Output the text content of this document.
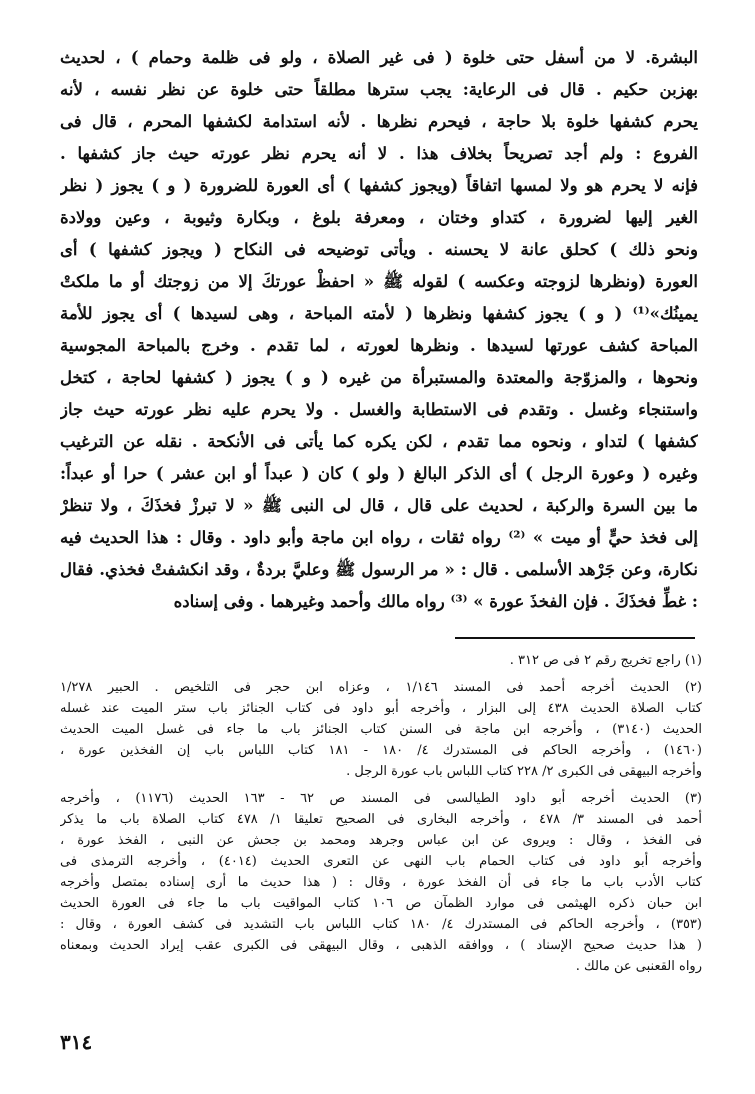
البشرة. لا من أسفل حتى خلوة ( فى غير الصلاة ، ولو فى ظلمة وحمام ) ، لحديث
بهزبن حكيم . قال فى الرعاية: يجب سترها مطلقاً حتى خلوة عن نظر نفسه ، لأنه
يحرم كشفها خلوة بلا حاجة ، فيحرم نظرها . لأنه استدامة لكشفها المحرم ، قال فى
الفروع : ولم أجد تصريحاً بخلاف هذا . لا أنه يحرم نظر عورته حيث جاز كشفها .
فإنه لا يحرم هو ولا لمسها اتفاقاً (ويجوز كشفها ) أى العورة للضرورة ( و ) يجوز ( نظر
الغير إليها لضرورة ، كتداو وختان ، ومعرفة بلوغ ، وبكارة وثيوبة ، وعين وولادة
ونحو ذلك ) كحلق عانة لا يحسنه . ويأتى توضيحه فى النكاح ( ويجوز كشفها ) أى
العورة (ونظرها لزوجته وعكسه ) لقوله ﷺ « احفظْ عورتكَ إلا من زوجتك أو ما ملكتْ
يمينُك»⁽¹⁾ ( و ) يجوز كشفها ونظرها ( لأمته المباحة ، وهى لسيدها ) أى يجوز للأمة
المباحة كشف عورتها لسيدها . ونظرها لعورته ، لما تقدم . وخرج بالمباحة المجوسية
ونحوها ، والمزوّجة والمعتدة والمستبرأة من غيره ( و ) يجوز ( كشفها لحاجة ، كتخل
واستنجاء وغسل . وتقدم فى الاستطابة والغسل . ولا يحرم عليه نظر عورته حيث جاز
كشفها ) لتداو ، ونحوه مما تقدم ، لكن يكره كما يأتى فى الأنكحة . نقله عن الترغيب
وغيره ( وعورة الرجل ) أى الذكر البالغ ( ولو ) كان ( عبداً أو ابن عشر ) حرا أو عبداً:
ما بين السرة والركبة ، لحديث على قال ، قال لى النبى ﷺ « لا تبرزْ فخذَكَ ، ولا تنظرْ
إلى فخذ حيٍّ أو ميت » ⁽²⁾ رواه ثقات ، رواه ابن ماجة وأبو داود . وقال : هذا الحديث فيه
نكارة، وعن جَرْهد الأسلمى . قال : « مر الرسول ﷺ وعليَّ بردةٌ ، وقد انكشفتْ فخذي. فقال
: غطِّ فخذَكَ . فإن الفخذَ عورة » ⁽³⁾ رواه مالك وأحمد وغيرهما . وفى إسناده
(١) راجع تخريج رقم ٢ فى ص ٣١٢ .
(٢) الحديث أخرجه أحمد فى المسند ١/١٤٦ ، وعزاه ابن حجر فى التلخيص . الحبير ١/٢٧٨
كتاب الصلاة الحديث ٤٣٨ إلى البزار ، وأخرجه أبو داود فى كتاب الجنائز باب ستر الميت عند غسله
الحديث (٣١٤٠) ، وأخرجه ابن ماجة فى السنن كتاب الجنائز باب ما جاء فى غسل الميت الحديث
(١٤٦٠) ، وأخرجه الحاكم فى المستدرك ٤/ ١٨٠ - ١٨١ كتاب اللباس باب إن الفخذين عورة ،
وأخرجه البيهقى فى الكبرى ٢/ ٢٢٨ كتاب اللباس باب عورة الرجل .
(٣) الحديث أخرجه أبو داود الطيالسى فى المسند ص ٦٢ - ١٦٣ الحديث (١١٧٦) ، وأخرجه
أحمد فى المسند ٣/ ٤٧٨ ، وأخرجه البخارى فى الصحيح تعليقا ١/ ٤٧٨ كتاب الصلاة باب ما يذكر
فى الفخذ ، وقال : ويروى عن ابن عباس وجرهد ومحمد بن جحش عن النبى ، الفخذ عورة ،
وأخرجه أبو داود فى كتاب الحمام باب النهى عن التعرى الحديث (٤٠١٤) ، وأخرجه الترمذى فى
كتاب الأدب باب ما جاء فى أن الفخذ عورة ، وقال : ( هذا حديث ما أرى إسناده بمتصل وأخرجه
ابن حبان ذكره الهيثمى فى موارد الظمآن ص ١٠٦ كتاب المواقيت باب ما جاء فى العورة الحديث
(٣٥٣) ، وأخرجه الحاكم فى المستدرك ٤/ ١٨٠ كتاب اللباس باب التشديد فى كشف العورة ، وقال :
( هذا حديث صحيح الإسناد ) ، ووافقه الذهبى ، وقال البيهقى فى الكبرى عقب إيراد الحديث وبمعناه
رواه القعنبى عن مالك .
٣١٤
